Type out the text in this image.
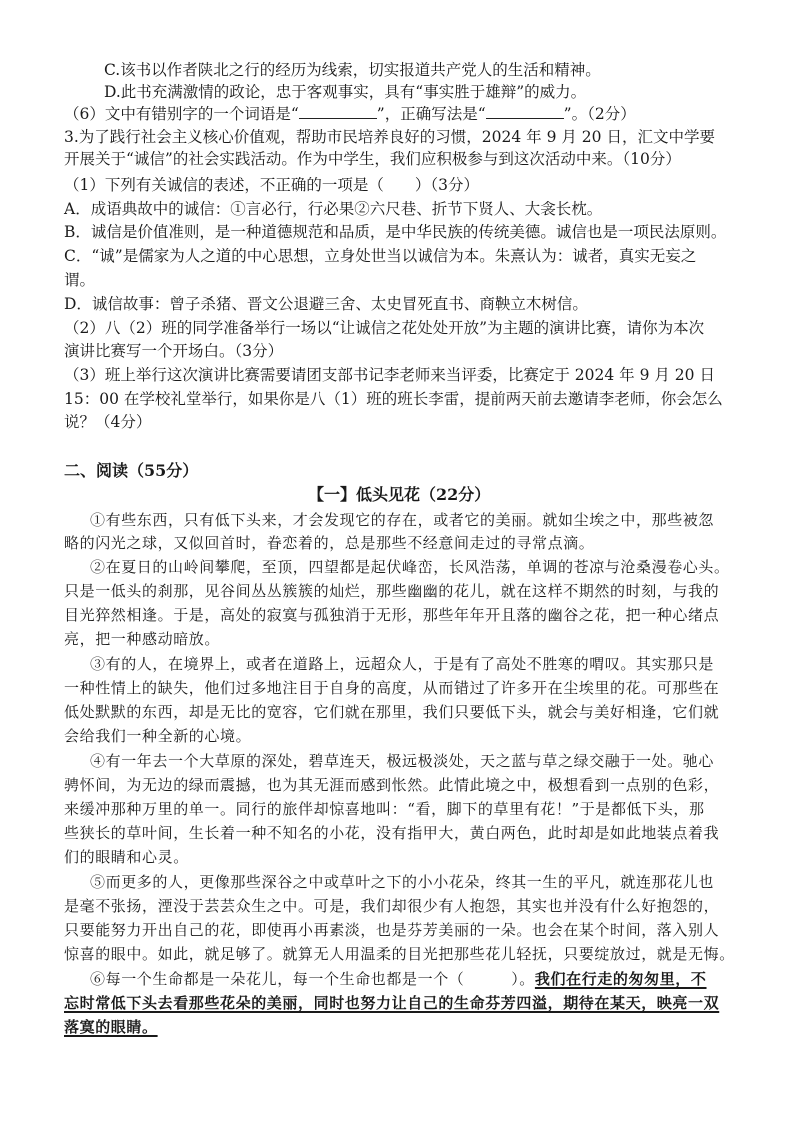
C.该书以作者陕北之行的经历为线索，切实报道共产党人的生活和精神。
D.此书充满激情的政论，忠于客观事实，具有“事实胜于雄辩”的威力。
（6）文中有错别字的一个词语是“	”，正确写法是“	”。（2分）
3.为了践行社会主义核心价值观，帮助市民培养良好的习惯，2024 年 9 月 20 日，汇文中学要
开展关于“诚信”的社会实践活动。作为中学生，我们应积极参与到这次活动中来。（10分）
（1）下列有关诚信的表述，不正确的一项是（　　）（3分）
A．成语典故中的诚信：①言必行，行必果②六尺巷、折节下贤人、大衾长枕。
B．诚信是价值准则，是一种道德规范和品质，是中华民族的传统美德。诚信也是一项民法原则。
C．“诚”是儒家为人之道的中心思想，立身处世当以诚信为本。朱熹认为：诚者，真实无妄之
谓。
D．诚信故事：曾子杀猪、晋文公退避三舍、太史冒死直书、商鞅立木树信。
（2）八（2）班的同学准备举行一场以“让诚信之花处处开放”为主题的演讲比赛，请你为本次
演讲比赛写一个开场白。（3分）
（3）班上举行这次演讲比赛需要请团支部书记李老师来当评委，比赛定于 2024 年 9 月 20 日
15：00 在学校礼堂举行，如果你是八（1）班的班长李雷，提前两天前去邀请李老师，你会怎么
说？（4分）
二、阅读（55分）
【一】低头见花（22分）
①有些东西，只有低下头来，才会发现它的存在，或者它的美丽。就如尘埃之中，那些被忽
略的闪光之球，又似回首时，眷恋着的，总是那些不经意间走过的寻常点滴。
②在夏日的山岭间攀爬，至顶，四望都是起伏峰峦，长风浩荡，单调的苍凉与沧桑漫卷心头。
只是一低头的刹那，见谷间丛丛簇簇的灿烂，那些幽幽的花儿，就在这样不期然的时刻，与我的
目光猝然相逢。于是，高处的寂寞与孤独消于无形，那些年年开且落的幽谷之花，把一种心绪点
亮，把一种感动暗放。
③有的人，在境界上，或者在道路上，远超众人，于是有了高处不胜寒的喟叹。其实那只是
一种性情上的缺失，他们过多地注目于自身的高度，从而错过了许多开在尘埃里的花。可那些在
低处默默的东西，却是无比的宽容，它们就在那里，我们只要低下头，就会与美好相逢，它们就
会给我们一种全新的心境。
④有一年去一个大草原的深处，碧草连天，极远极淡处，天之蓝与草之绿交融于一处。驰心
骋怀间，为无边的绿而震撼，也为其无涯而感到怅然。此情此境之中，极想看到一点别的色彩，
来缓冲那种万里的单一。同行的旅伴却惊喜地叫：“看，脚下的草里有花！”于是都低下头，那
些狭长的草叶间，生长着一种不知名的小花，没有指甲大，黄白两色，此时却是如此地装点着我
们的眼睛和心灵。
⑤而更多的人，更像那些深谷之中或草叶之下的小小花朵，终其一生的平凡，就连那花儿也
是毫不张扬，湮没于芸芸众生之中。可是，我们却很少有人抱怨，其实也并没有什么好抱怨的，
只要能努力开出自己的花，即使再小再素淡，也是芬芳美丽的一朵。也会在某个时间，落入别人
惊喜的眼中。如此，就足够了。就算无人用温柔的目光把那些花儿轻抚，只要绽放过，就是无悔。
⑥每一个生命都是一朵花儿，每一个生命也都是一个（　　　）。我们在行走的匆匆里，不
忘时常低下头去看那些花朵的美丽，同时也努力让自己的生命芬芳四溢，期待在某天，映亮一双
落寞的眼睛。
